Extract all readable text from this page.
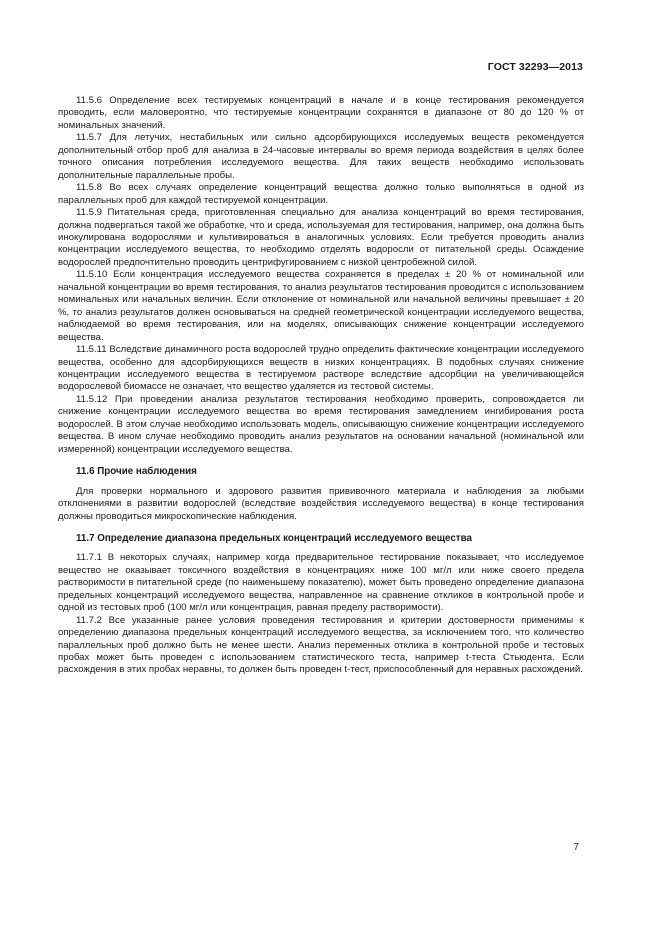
ГОСТ 32293—2013

11.5.6 Определение всех тестируемых концентраций в начале и в конце тестирования рекомендуется проводить, если маловероятно, что тестируемые концентрации сохранятся в диапазоне от 80 до 120 % от номинальных значений.

11.5.7 Для летучих, нестабильных или сильно адсорбирующихся исследуемых веществ рекомендуется дополнительный отбор проб для анализа в 24-часовые интервалы во время периода воздействия в целях более точного описания потребления исследуемого вещества. Для таких веществ необходимо использовать дополнительные параллельные пробы.

11.5.8 Во всех случаях определение концентраций вещества должно только выполняться в одной из параллельных проб для каждой тестируемой концентрации.

11.5.9 Питательная среда, приготовленная специально для анализа концентраций во время тестирования, должна подвергаться такой же обработке, что и среда, используемая для тестирования, например, она должна быть инокулирована водорослями и культивироваться в аналогичных условиях. Если требуется проводить анализ концентрации исследуемого вещества, то необходимо отделять водоросли от питательной среды. Осаждение водорослей предпочтительно проводить центрифугированием с низкой центробежной силой.

11.5.10 Если концентрация исследуемого вещества сохраняется в пределах ± 20 % от номинальной или начальной концентрации во время тестирования, то анализ результатов тестирования проводится с использованием номинальных или начальных величин. Если отклонение от номинальной или начальной величины превышает ± 20 %, то анализ результатов должен основываться на средней геометрической концентрации исследуемого вещества, наблюдаемой во время тестирования, или на моделях, описывающих снижение концентрации исследуемого вещества.

11.5.11 Вследствие динамичного роста водорослей трудно определить фактические концентрации исследуемого вещества, особенно для адсорбирующихся веществ в низких концентрациях. В подобных случаях снижение концентрации исследуемого вещества в тестируемом растворе вследствие адсорбции на увеличивающейся водорослевой биомассе не означает, что вещество удаляется из тестовой системы.

11.5.12 При проведении анализа результатов тестирования необходимо проверить, сопровождается ли снижение концентрации исследуемого вещества во время тестирования замедлением ингибирования роста водорослей. В этом случае необходимо использовать модель, описывающую снижение концентрации исследуемого вещества. В ином случае необходимо проводить анализ результатов на основании начальной (номинальной или измеренной) концентрации исследуемого вещества.

11.6 Прочие наблюдения

Для проверки нормального и здорового развития прививочного материала и наблюдения за любыми отклонениями в развитии водорослей (вследствие воздействия исследуемого вещества) в конце тестирования должны проводиться микроскопические наблюдения.

11.7 Определение диапазона предельных концентраций исследуемого вещества

11.7.1 В некоторых случаях, например когда предварительное тестирование показывает, что исследуемое вещество не оказывает токсичного воздействия в концентрациях ниже 100 мг/л или ниже своего предела растворимости в питательной среде (по наименьшему показателю), может быть проведено определение диапазона предельных концентраций исследуемого вещества, направленное на сравнение откликов в контрольной пробе и одной из тестовых проб (100 мг/л или концентрация, равная пределу растворимости).

11.7.2 Все указанные ранее условия проведения тестирования и критерии достоверности применимы к определению диапазона предельных концентраций исследуемого вещества, за исключением того, что количество параллельных проб должно быть не менее шести. Анализ переменных отклика в контрольной пробе и тестовых пробах может быть проведен с использованием статистического теста, например t-теста Стьюдента. Если расхождения в этих пробах неравны, то должен быть проведен t-тест, приспособленный для неравных расхождений.

7
